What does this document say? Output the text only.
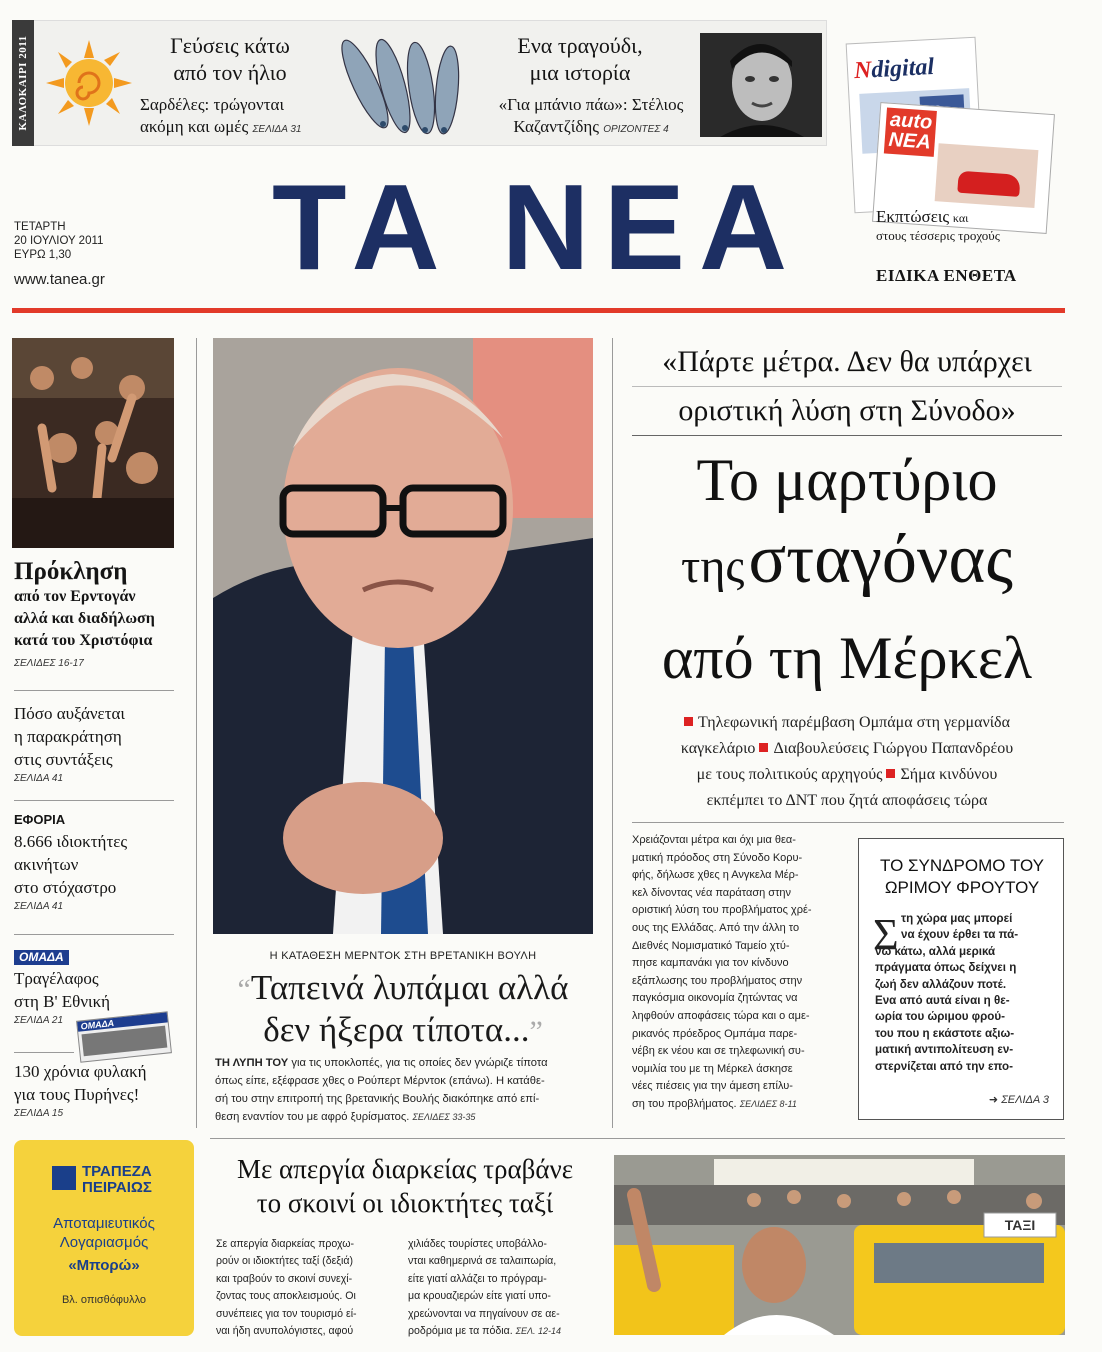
ΚΑΛΟΚΑΙΡΙ 2011	Γεύσεις κάτω
από τον ήλιο
Σαρδέλες: τρώγονται
ακόμη και ωμές ΣΕΛΙΔΑ 31
Ενα τραγούδι,
μια ιστορία
«Για μπάνιο πάω»: Στέλιος
Καζαντζίδης ΟΡΙΖΟΝΤΕΣ 4
Ndigital
auto
ΝΕΑ
Εκπτώσεις και
στους τέσσερις τροχούς
ΕΙΔΙΚΑ ΕΝΘΕΤΑ
ΤΕΤΑΡΤΗ
20 ΙΟΥΛΙΟΥ 2011
ΕΥΡΩ 1,30
www.tanea.gr ΤΑ ΝΕΑ
Πρόκληση
από τον Ερντογάν
αλλά και διαδήλωση
κατά του Χριστόφια
ΣΕΛΙΔΕΣ 16-17
Πόσο αυξάνεται
η παρακράτηση
στις συντάξεις
ΣΕΛΙΔΑ 41
ΕΦΟΡΙΑ
8.666 ιδιοκτήτες
ακινήτων
στο στόχαστρο
ΣΕΛΙΔΑ 41
ΟΜΑΔΑ
Τραγέλαφος
στη Β' Εθνική
ΣΕΛΙΔΑ 21	ΟΜΑΔΑ
130 χρόνια φυλακή
για τους Πυρήνες!
ΣΕΛΙΔΑ 15
ΤΡΑΠΕΖΑ
ΠΕΙΡΑΙΩΣ
Αποταμιευτικός
Λογαριασμός
«Μπορώ»
Βλ. οπισθόφυλλο
Η ΚΑΤΑΘΕΣΗ ΜΕΡΝΤΟΚ ΣΤΗ ΒΡΕΤΑΝΙΚΗ ΒΟΥΛΗ
“Ταπεινά λυπάμαι αλλά
δεν ήξερα τίποτα...”
ΤΗ ΛΥΠΗ ΤΟΥ για τις υποκλοπές, για τις οποίες δεν γνώριζε τίποτα
όπως είπε, εξέφρασε χθες ο Ρούπερτ Μέρντοκ (επάνω). Η κατάθε-
σή του στην επιτροπή της βρετανικής Βουλής διακόπηκε από επί-
θεση εναντίον του με αφρό ξυρίσματος. ΣΕΛΙΔΕΣ 33-35
«Πάρτε μέτρα. Δεν θα υπάρχει
οριστική λύση στη Σύνοδο»
Το μαρτύριο
της σταγόνας
από τη Μέρκελ
Τηλεφωνική παρέμβαση Ομπάμα στη γερμανίδα
καγκελάριο Διαβουλεύσεις Γιώργου Παπανδρέου
με τους πολιτικούς αρχηγούς Σήμα κινδύνου
εκπέμπει το ΔΝΤ που ζητά αποφάσεις τώρα
Χρειάζονται μέτρα και όχι μια θεα-
ματική πρόοδος στη Σύνοδο Κορυ-
φής, δήλωσε χθες η Ανγκελα Μέρ-
κελ δίνοντας νέα παράταση στην
οριστική λύση του προβλήματος χρέ-
ους της Ελλάδας. Από την άλλη το
Διεθνές Νομισματικό Ταμείο χτύ-
πησε καμπανάκι για τον κίνδυνο
εξάπλωσης του προβλήματος στην
παγκόσμια οικονομία ζητώντας να
ληφθούν αποφάσεις τώρα και ο αμε-
ρικανός πρόεδρος Ομπάμα παρε-
νέβη εκ νέου και σε τηλεφωνική συ-
νομιλία του με τη Μέρκελ άσκησε
νέες πιέσεις για την άμεση επίλυ-
ση του προβλήματος. ΣΕΛΙΔΕΣ 8-11
ΤΟ ΣΥΝΔΡΟΜΟ ΤΟΥ
ΩΡΙΜΟΥ ΦΡΟΥΤΟΥ
Σ τη χώρα μας μπορεί
να έχουν έρθει τα πά-
νω κάτω, αλλά μερικά
πράγματα όπως δείχνει η
ζωή δεν αλλάζουν ποτέ.
Ενα από αυτά είναι η θε-
ωρία του ώριμου φρού-
του που η εκάστοτε αξιω-
ματική αντιπολίτευση εν-
στερνίζεται από την επο-
➜ ΣΕΛΙΔΑ 3
Με απεργία διαρκείας τραβάνε
το σκοινί οι ιδιοκτήτες ταξί
Σε απεργία διαρκείας προχω-
ρούν οι ιδιοκτήτες ταξί (δεξιά)
και τραβούν το σκοινί συνεχί-
ζοντας τους αποκλεισμούς. Οι
συνέπειες για τον τουρισμό εί-
ναι ήδη ανυπολόγιστες, αφού
χιλιάδες τουρίστες υποβάλλο-
νται καθημερινά σε ταλαιπωρία,
είτε γιατί αλλάζει το πρόγραμ-
μα κρουαζιερών είτε γιατί υπο-
χρεώνονται να πηγαίνουν σε αε-
ροδρόμια με τα πόδια. ΣΕΛ. 12-14
ΤΑΞΙ
